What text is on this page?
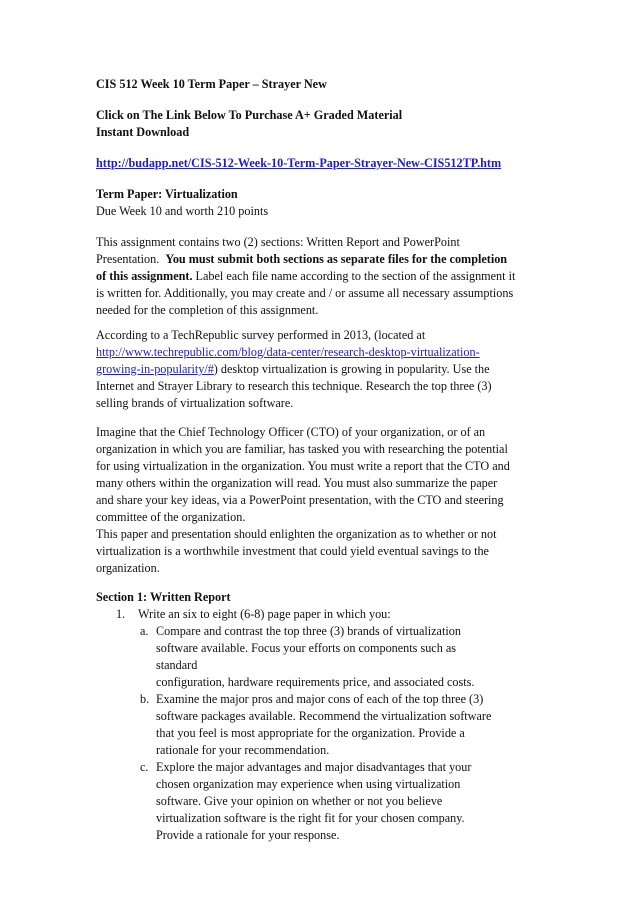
CIS 512 Week 10 Term Paper – Strayer New

Click on The Link Below To Purchase A+ Graded Material

Instant Download

http://budapp.net/CIS-512-Week-10-Term-Paper-Strayer-New-CIS512TP.htm

Term Paper: Virtualization

Due Week 10 and worth 210 points

This assignment contains two (2) sections: Written Report and PowerPoint

Presentation. You must submit both sections as separate files for the completion

of this assignment. Label each file name according to the section of the assignment it

is written for. Additionally, you may create and / or assume all necessary assumptions

needed for the completion of this assignment.

According to a TechRepublic survey performed in 2013, (located at

http://www.techrepublic.com/blog/data-center/research-desktop-virtualization-

growing-in-popularity/#) desktop virtualization is growing in popularity. Use the

Internet and Strayer Library to research this technique. Research the top three (3)

selling brands of virtualization software.

Imagine that the Chief Technology Officer (CTO) of your organization, or of an

organization in which you are familiar, has tasked you with researching the potential

for using virtualization in the organization. You must write a report that the CTO and

many others within the organization will read. You must also summarize the paper

and share your key ideas, via a PowerPoint presentation, with the CTO and steering

committee of the organization.

This paper and presentation should enlighten the organization as to whether or not

virtualization is a worthwhile investment that could yield eventual savings to the

organization.

Section 1: Written Report

1. Write an six to eight (6-8) page paper in which you:
a. Compare and contrast the top three (3) brands of virtualization

software available. Focus your efforts on components such as standard

configuration, hardware requirements price, and associated costs.

b. Examine the major pros and major cons of each of the top three (3)

software packages available. Recommend the virtualization software

that you feel is most appropriate for the organization. Provide a

rationale for your recommendation.

c. Explore the major advantages and major disadvantages that your

chosen organization may experience when using virtualization

software. Give your opinion on whether or not you believe

virtualization software is the right fit for your chosen company.

Provide a rationale for your response.
